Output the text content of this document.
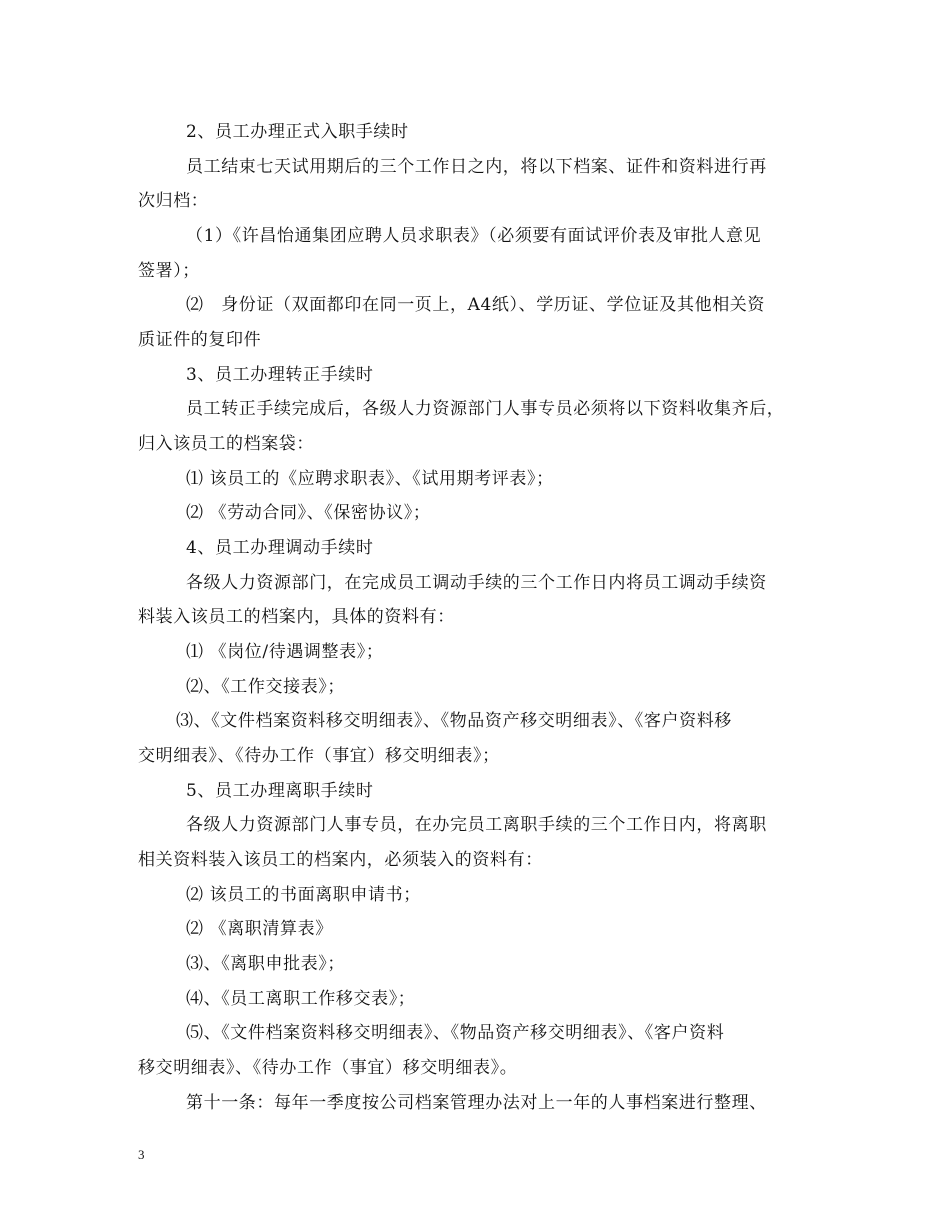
2、员工办理正式入职手续时
员工结束七天试用期后的三个工作日之内，将以下档案、证件和资料进行再
次归档：
（1）《许昌怡通集团应聘人员求职表》（必须要有面试评价表及审批人意见
签署）；
⑵　身份证（双面都印在同一页上，A4纸）、学历证、学位证及其他相关资
质证件的复印件
3、员工办理转正手续时
员工转正手续完成后，各级人力资源部门人事专员必须将以下资料收集齐后，
归入该员工的档案袋：
⑴ 该员工的《应聘求职表》、《试用期考评表》；
⑵ 《劳动合同》、《保密协议》；
4、员工办理调动手续时
各级人力资源部门，在完成员工调动手续的三个工作日内将员工调动手续资
料装入该员工的档案内，具体的资料有：
⑴ 《岗位/待遇调整表》；
⑵、《工作交接表》；
⑶、《文件档案资料移交明细表》、《物品资产移交明细表》、《客户资料移
交明细表》、《待办工作（事宜）移交明细表》；
5、员工办理离职手续时
各级人力资源部门人事专员，在办完员工离职手续的三个工作日内，将离职
相关资料装入该员工的档案内，必须装入的资料有：
⑵ 该员工的书面离职申请书；
⑵ 《离职清算表》
⑶、《离职申批表》；
⑷、《员工离职工作移交表》；
⑸、《文件档案资料移交明细表》、《物品资产移交明细表》、《客户资料
移交明细表》、《待办工作（事宜）移交明细表》。
第十一条：每年一季度按公司档案管理办法对上一年的人事档案进行整理、
3
